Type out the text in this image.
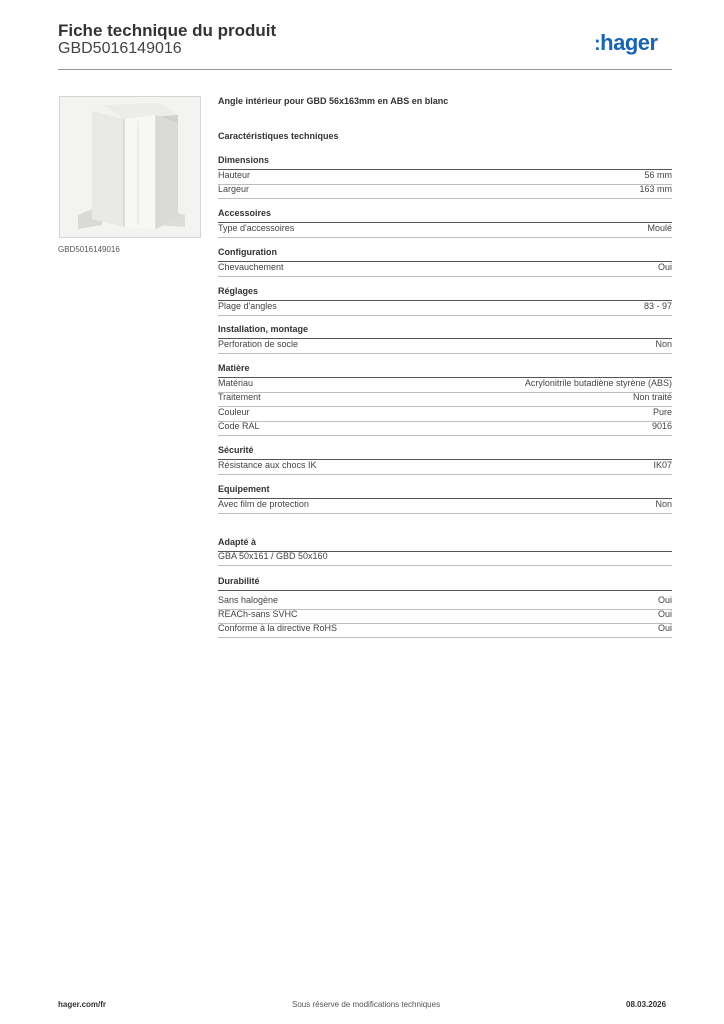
Fiche technique du produit
GBD5016149016	:hager
GBD5016149016
Angle intérieur pour GBD 56x163mm en ABS en blanc
Caractéristiques techniques
Dimensions
Hauteur	56 mm
Largeur	163 mm
Accessoires
Type d'accessoires	Moulé
Configuration
Chevauchement	Oui
Réglages
Plage d'angles	83 - 97
Installation, montage
Perforation de socle	Non
Matière
Matériau	Acrylonitrile butadiène styrène (ABS)
Traitement	Non traité
Couleur	Pure
Code RAL	9016
Sécurité
Résistance aux chocs IK	IK07
Equipement
Avec film de protection	Non
Adapté à
GBA 50x161 / GBD 50x160
Durabilité
Sans halogène	Oui
REACh-sans SVHC	Oui
Conforme à la directive RoHS	Oui
hager.com/fr	Sous réserve de modifications techniques	08.03.2026
